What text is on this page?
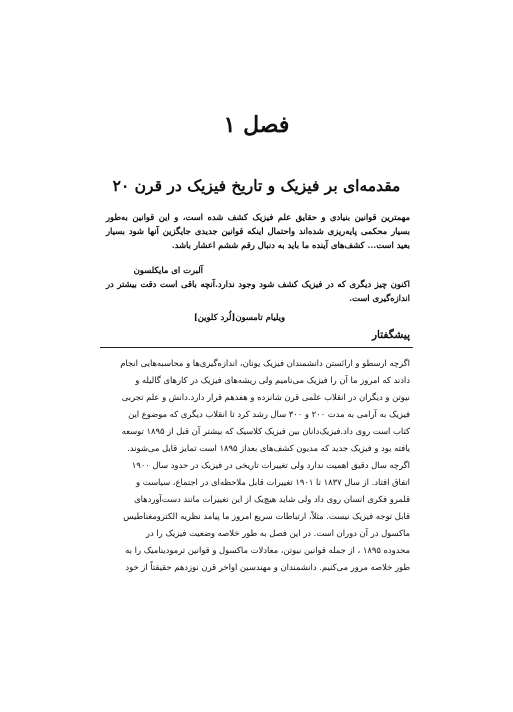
فصل ۱
مقدمه‌ای بر فیزیک و تاریخ فیزیک در قرن ۲۰
مهمترین قوانین بنیادی و حقایق علم فیزیک کشف شده است، و این قوانین به‌طور بسیار محکمی پایه‌ریزی شده‌اند واحتمال اینکه قوانین جدیدی جایگزین آنها شود بسیار بعید است... کشف‌های آینده ما باید به دنبال رقم ششم اعشار باشد.
آلبرت ای مایکلسون
اکنون چیز دیگری که در فیزیک کشف شود وجود ندارد.آنچه باقی است دقت بیشتر در اندازه‌گیری است.
ویلیام تامسون[لُرد کلوین]
پیشگفتار
اگرچه ارسطو و ارائستن دانشمندان فیزیک یونان، اندازه‌گیری‌ها و محاسبه‌هایی انجام
دادند که امروز ما آن را فیزیک می‌نامیم ولی ریشه‌های فیزیک در کارهای گالیله و
نیوتن و دیگران در انقلاب علمی قرن شانزده و هفدهم قرار دارد.دانش و علم تجربی
فیزیک به آرامی به مدت ۲۰۰ و ۳۰۰ سال رشد کرد تا انقلاب دیگری که موضوع این
کتاب است روی داد.فیزیک‌دانان بین فیزیک کلاسیک که بیشتر آن قبل از ۱۸۹۵ توسعه
یافته بود و فیزیک جدید که مدیون کشف‌های بعداز ۱۸۹۵ است تمایز قایل می‌شوند.
اگرچه سال دقیق اهمیت ندارد ولی تغییرات تاریخی در فیزیک در حدود سال ۱۹۰۰
اتفاق افتاد. از سال ۱۸۳۷ تا ۱۹۰۱ تغییرات قابل ملاحظه‌ای در اجتماع، سیاست و
قلمرو فکری انسان روی داد ولی شاید هیچ‌یک از این تغییرات مانند دست‌آوردهای
قابل توجه فیزیک نیست. مثلاً، ارتباطات سریع امروز ما پیامد نظریه الکترومغناطیس
ماکسول در آن دوران است. در این فصل به طور خلاصه وضعیت فیزیک را در
محدوده ۱۸۹۵ ، از جمله قوانین نیوتن، معادلات ماکسول و قوانین ترمودینامیک را به
طور خلاصه مرور می‌کنیم. دانشمندان و مهندسین اواخر قرن نوزدهم حقیقتاً از خود
